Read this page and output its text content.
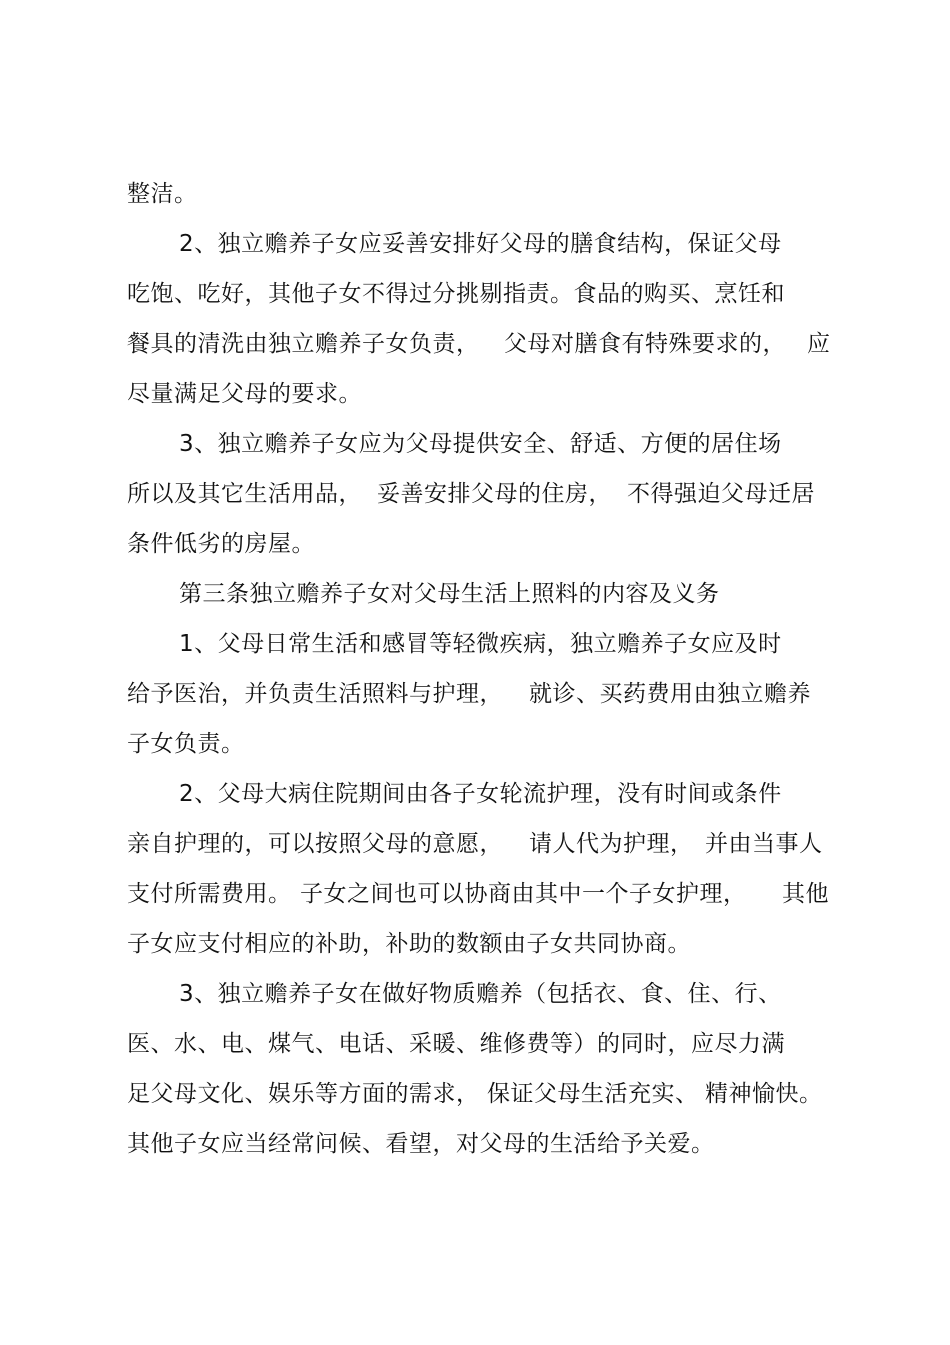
整洁。
2、独立赡养子女应妥善安排好父母的膳食结构，保证父母
吃饱、吃好，其他子女不得过分挑剔指责。食品的购买、烹饪和
餐具的清洗由独立赡养子女负责， 父母对膳食有特殊要求的， 应
尽量满足父母的要求。
3、独立赡养子女应为父母提供安全、舒适、方便的居住场
所以及其它生活用品， 妥善安排父母的住房， 不得强迫父母迁居
条件低劣的房屋。
第三条独立赡养子女对父母生活上照料的内容及义务
1、父母日常生活和感冒等轻微疾病，独立赡养子女应及时
给予医治，并负责生活照料与护理， 就诊、买药费用由独立赡养
子女负责。
2、父母大病住院期间由各子女轮流护理，没有时间或条件
亲自护理的，可以按照父母的意愿， 请人代为护理， 并由当事人
支付所需费用。 子女之间也可以协商由其中一个子女护理， 其他
子女应支付相应的补助，补助的数额由子女共同协商。
3、独立赡养子女在做好物质赡养（包括衣、食、住、行、
医、水、电、煤气、电话、采暖、维修费等）的同时，应尽力满
足父母文化、娱乐等方面的需求， 保证父母生活充实、 精神愉快。
其他子女应当经常问候、看望，对父母的生活给予关爱。
